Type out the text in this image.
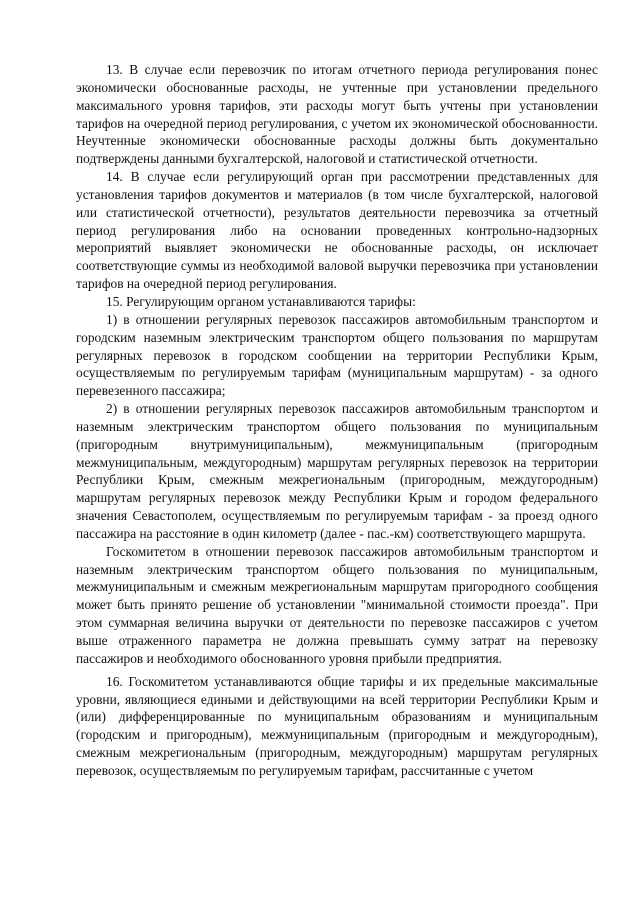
13. В случае если перевозчик по итогам отчетного периода регулирования понес экономически обоснованные расходы, не учтенные при установлении предельного максимального уровня тарифов, эти расходы могут быть учтены при установлении тарифов на очередной период регулирования, с учетом их экономической обоснованности. Неучтенные экономически обоснованные расходы должны быть документально подтверждены данными бухгалтерской, налоговой и статистической отчетности.

14. В случае если регулирующий орган при рассмотрении представленных для установления тарифов документов и материалов (в том числе бухгалтерской, налоговой или статистической отчетности), результатов деятельности перевозчика за отчетный период регулирования либо на основании проведенных контрольно-надзорных мероприятий выявляет экономически не обоснованные расходы, он исключает соответствующие суммы из необходимой валовой выручки перевозчика при установлении тарифов на очередной период регулирования.

15. Регулирующим органом устанавливаются тарифы:

1) в отношении регулярных перевозок пассажиров автомобильным транспортом и городским наземным электрическим транспортом общего пользования по маршрутам регулярных перевозок в городском сообщении на территории Республики Крым, осуществляемым по регулируемым тарифам (муниципальным маршрутам) - за одного перевезенного пассажира;

2) в отношении регулярных перевозок пассажиров автомобильным транспортом и наземным электрическим транспортом общего пользования по муниципальным (пригородным внутримуниципальным), межмуниципальным (пригородным межмуниципальным, междугородным) маршрутам регулярных перевозок на территории Республики Крым, смежным межрегиональным (пригородным, междугородным) маршрутам регулярных перевозок между Республики Крым и городом федерального значения Севастополем, осуществляемым по регулируемым тарифам - за проезд одного пассажира на расстояние в один километр (далее - пас.-км) соответствующего маршрута.

Госкомитетом в отношении перевозок пассажиров автомобильным транспортом и наземным электрическим транспортом общего пользования по муниципальным, межмуниципальным и смежным межрегиональным маршрутам пригородного сообщения может быть принято решение об установлении "минимальной стоимости проезда". При этом суммарная величина выручки от деятельности по перевозке пассажиров с учетом выше отраженного параметра не должна превышать сумму затрат на перевозку пассажиров и необходимого обоснованного уровня прибыли предприятия.

16. Госкомитетом устанавливаются общие тарифы и их предельные максимальные уровни, являющиеся едиными и действующими на всей территории Республики Крым и (или) дифференцированные по муниципальным образованиям и муниципальным (городским и пригородным), межмуниципальным (пригородным и междугородным), смежным межрегиональным (пригородным, междугородным) маршрутам регулярных перевозок, осуществляемым по регулируемым тарифам, рассчитанные с учетом
